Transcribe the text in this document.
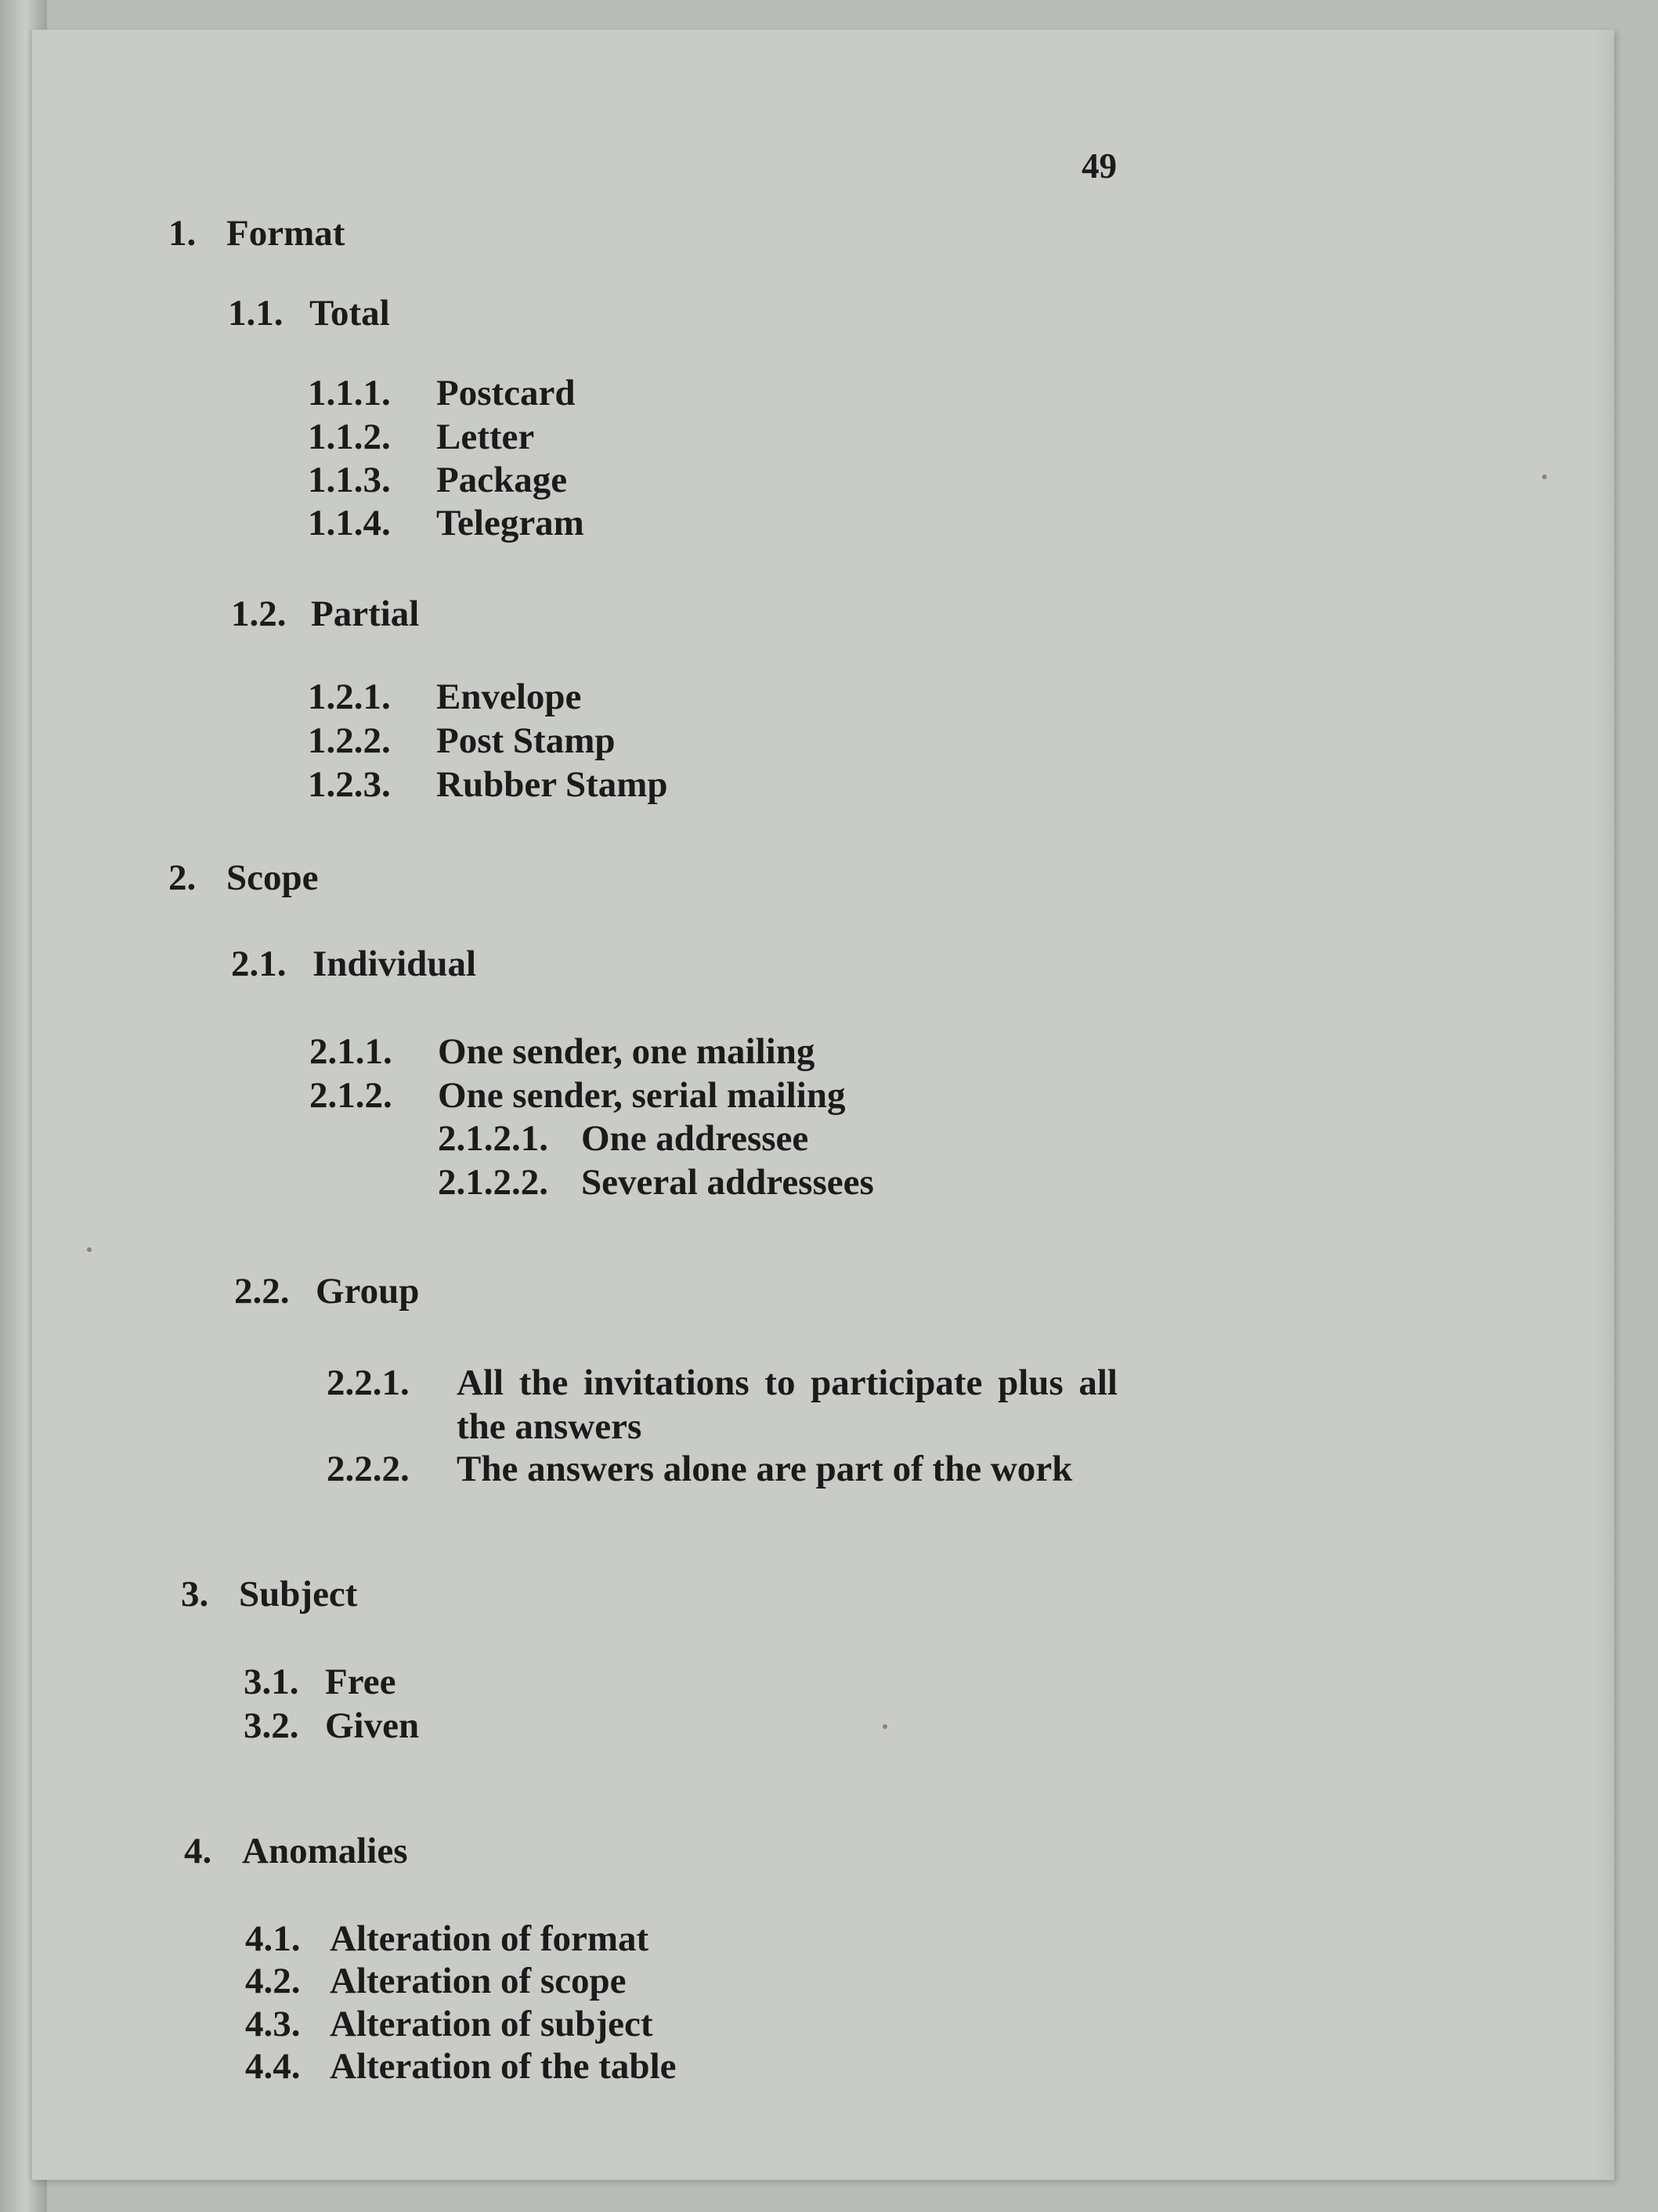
49
1. Format
1.1. Total
1.1.1. Postcard
1.1.2. Letter
1.1.3. Package
1.1.4. Telegram
1.2. Partial
1.2.1. Envelope
1.2.2. Post Stamp
1.2.3. Rubber Stamp
2. Scope
2.1. Individual
2.1.1. One sender, one mailing
2.1.2. One sender, serial mailing
2.1.2.1. One addressee
2.1.2.2. Several addressees
2.2. Group
2.2.1. All the invitations to participate plus all the answers
2.2.2. The answers alone are part of the work
3. Subject
3.1. Free
3.2. Given
4. Anomalies
4.1. Alteration of format
4.2. Alteration of scope
4.3. Alteration of subject
4.4. Alteration of the table
